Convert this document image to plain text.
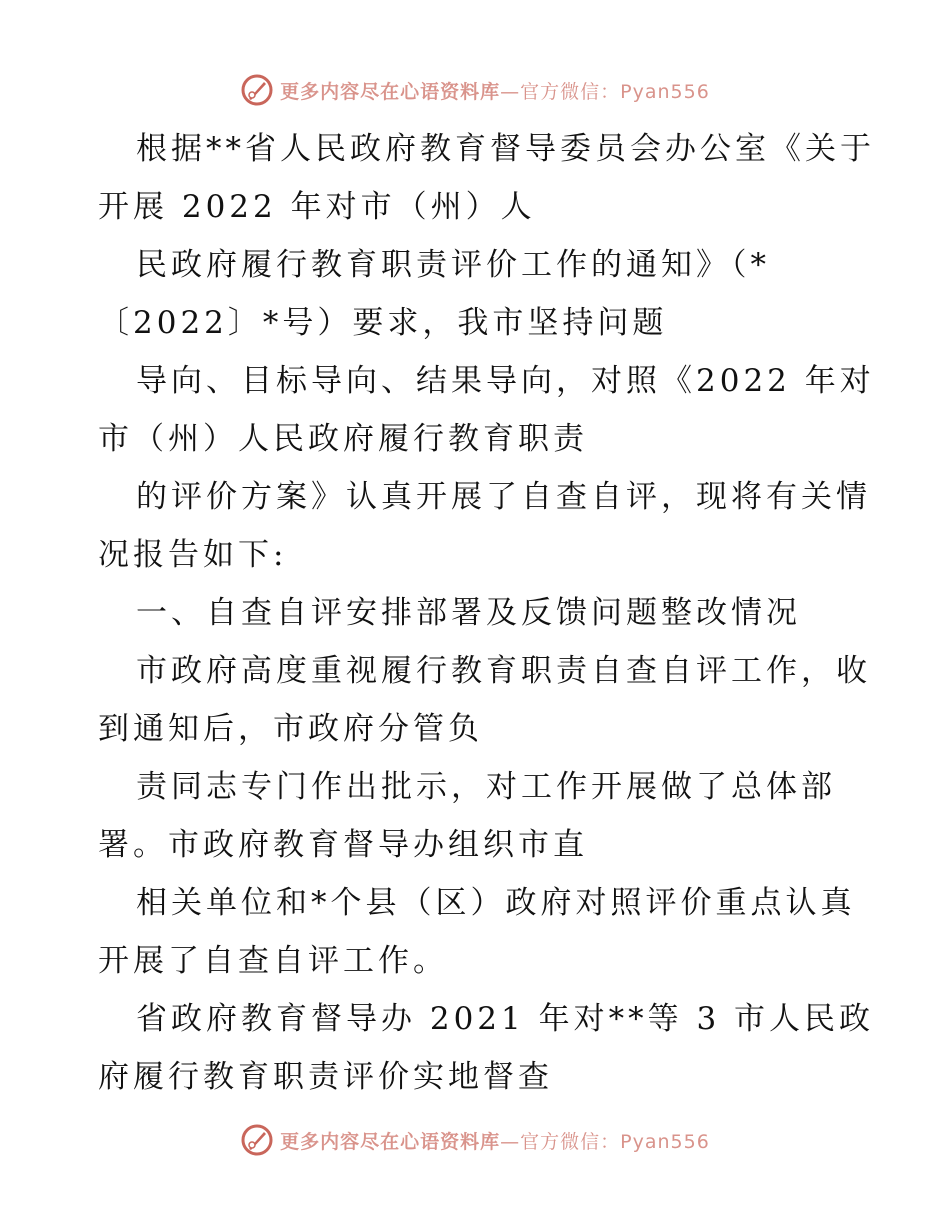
更多内容尽在心语资料库—官方微信：Pyan556
根据**省人民政府教育督导委员会办公室《关于
开展 2022 年对市（州）人
民政府履行教育职责评价工作的通知》（*
〔2022〕*号）要求，我市坚持问题
导向、目标导向、结果导向，对照《2022 年对
市（州）人民政府履行教育职责
的评价方案》认真开展了自查自评，现将有关情
况报告如下:
一、自查自评安排部署及反馈问题整改情况
市政府高度重视履行教育职责自查自评工作，收
到通知后，市政府分管负
责同志专门作出批示，对工作开展做了总体部
署。市政府教育督导办组织市直
相关单位和*个县（区）政府对照评价重点认真
开展了自查自评工作。
省政府教育督导办 2021 年对**等 3 市人民政
府履行教育职责评价实地督查
更多内容尽在心语资料库—官方微信：Pyan556
